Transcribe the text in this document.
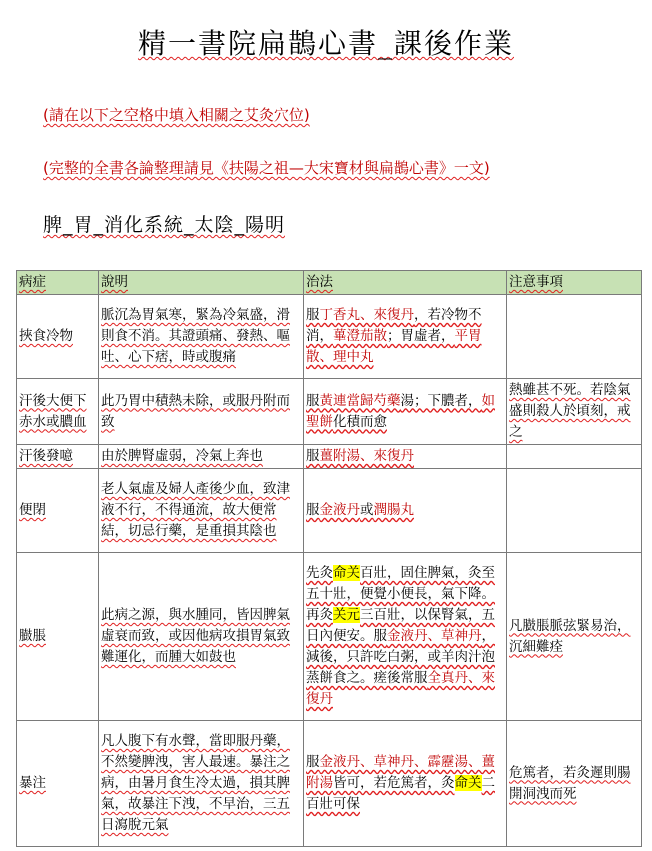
精一書院扁鵲心書_課後作業
(請在以下之空格中填入相關之艾灸穴位)
(完整的全書各論整理請見《扶陽之祖—大宋寶材與扁鵲心書》一文)
脾_胃_消化系統_太陰_陽明
病症	說明	治法	注意事項
挾食冷物	脈沉為胃氣寒，緊為冷氣盛，滑則食不消。其證頭痛、發熱、嘔吐、心下痞，時或腹痛	服丁香丸、來復丹，若冷物不消，蓽澄茄散；胃虛者，平胃散、理中丸	
汗後大便下赤水或膿血	此乃胃中積熱未除，或服丹附而致	服黃連當歸芍藥湯；下膿者，如聖餅化積而愈	熱雖甚不死。若陰氣盛則殺人於頃刻，戒之
汗後發噫	由於脾腎虛弱，冷氣上奔也	服薑附湯、來復丹	
便閉	老人氣虛及婦人產後少血，致津液不行，不得通流，故大便常結，切忌行藥，是重損其陰也	服金液丹或潤腸丸	
臌脹	此病之源，與水腫同，皆因脾氣虛衰而致，或因他病攻損胃氣致難運化，而腫大如鼓也	先灸命关百壯，固住脾氣，灸至五十壯，便覺小便長，氣下降。再灸关元三百壯，以保腎氣，五日內便安。服金液丹、草神丹，減後，只許吃白粥，或羊肉汁泡蒸餅食之。瘥後常服全真丹、來復丹	凡臌脹脈弦緊易治，沉細難痊
暴注	凡人腹下有水聲，當即服丹藥，不然變脾洩，害人最速。暴注之病，由暑月食生冷太過，損其脾氣，故暴注下洩，不早治，三五日瀉脫元氣	服金液丹、草神丹、霹靂湯、薑附湯皆可，若危篤者，灸命关二百壯可保	危篤者，若灸遲則腸開洞洩而死
